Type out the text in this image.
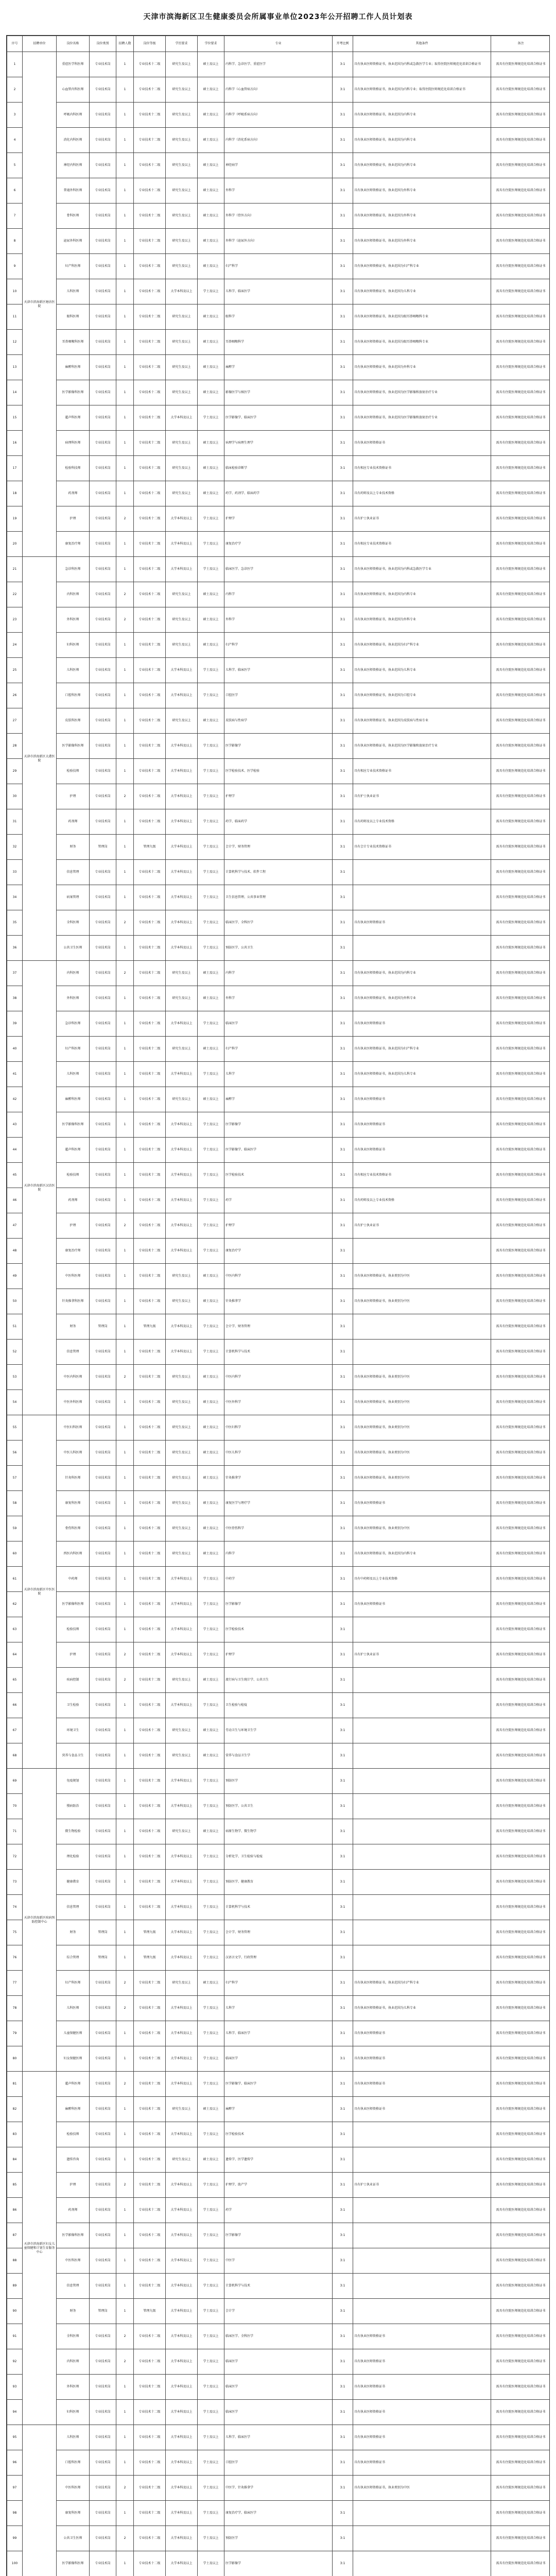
天津市滨海新区卫生健康委员会所属事业单位2023年公开招聘工作人员计划表
序号	招聘单位	岗位名称	岗位类别	招聘人数	岗位等级	学历要求	学位要求	专业	开考比例	其他条件	备注
1	天津市滨海新区塘沽医院	重症医学科医师	专业技术岗	1	专业技术十二级	研究生及以上	硕士及以上	内科学、急诊医学、重症医学	3:1	具有执业医师资格证书，执业范围为内科或急救医学专业；取得住院医师规范化培训合格证书	需具有住院医师规范化培训合格证书
2		心血管内科医师	专业技术岗	1	专业技术十二级	研究生及以上	硕士及以上	内科学（心血管病方向）	3:1	具有执业医师资格证书，执业范围为内科专业；取得住院医师规范化培训合格证书	需具有住院医师规范化培训合格证书
3		呼吸内科医师	专业技术岗	1	专业技术十二级	研究生及以上	硕士及以上	内科学（呼吸系病方向）	3:1	具有执业医师资格证书，执业范围为内科专业	需具有住院医师规范化培训合格证书
4		消化内科医师	专业技术岗	1	专业技术十二级	研究生及以上	硕士及以上	内科学（消化系病方向）	3:1	具有执业医师资格证书，执业范围为内科专业	需具有住院医师规范化培训合格证书
5		神经内科医师	专业技术岗	1	专业技术十二级	研究生及以上	硕士及以上	神经病学	3:1	具有执业医师资格证书，执业范围为内科专业	需具有住院医师规范化培训合格证书
6		普通外科医师	专业技术岗	1	专业技术十二级	研究生及以上	硕士及以上	外科学	3:1	具有执业医师资格证书，执业范围为外科专业	需具有住院医师规范化培训合格证书
7		骨科医师	专业技术岗	1	专业技术十二级	研究生及以上	硕士及以上	外科学（骨外方向）	3:1	具有执业医师资格证书，执业范围为外科专业	需具有住院医师规范化培训合格证书
8		泌尿外科医师	专业技术岗	1	专业技术十二级	研究生及以上	硕士及以上	外科学（泌尿外方向）	3:1	具有执业医师资格证书，执业范围为外科专业	需具有住院医师规范化培训合格证书
9		妇产科医师	专业技术岗	1	专业技术十二级	研究生及以上	硕士及以上	妇产科学	3:1	具有执业医师资格证书，执业范围为妇产科专业	需具有住院医师规范化培训合格证书
10		儿科医师	专业技术岗	1	专业技术十二级	大学本科及以上	学士及以上	儿科学、临床医学	3:1	具有执业医师资格证书，执业范围为儿科专业	需具有住院医师规范化培训合格证书
11		眼科医师	专业技术岗	1	专业技术十二级	研究生及以上	硕士及以上	眼科学	3:1	具有执业医师资格证书，执业范围为眼耳鼻咽喉科专业	需具有住院医师规范化培训合格证书
12		耳鼻咽喉科医师	专业技术岗	1	专业技术十二级	研究生及以上	硕士及以上	耳鼻咽喉科学	3:1	具有执业医师资格证书，执业范围为眼耳鼻咽喉科专业	需具有住院医师规范化培训合格证书
13		麻醉科医师	专业技术岗	1	专业技术十二级	研究生及以上	硕士及以上	麻醉学	3:1	具有执业医师资格证书，执业范围为外科专业	需具有住院医师规范化培训合格证书
14		医学影像科医师	专业技术岗	1	专业技术十二级	研究生及以上	硕士及以上	影像医学与核医学	3:1	具有执业医师资格证书，执业范围为医学影像和放射治疗专业	需具有住院医师规范化培训合格证书
15		超声科医师	专业技术岗	1	专业技术十二级	大学本科及以上	学士及以上	医学影像学、临床医学	3:1	具有执业医师资格证书，执业范围为医学影像和放射治疗专业	需具有住院医师规范化培训合格证书
16		病理科医师	专业技术岗	1	专业技术十二级	研究生及以上	硕士及以上	病理学与病理生理学	3:1	具有执业医师资格证书	需具有住院医师规范化培训合格证书
17		检验科技师	专业技术岗	1	专业技术十二级	研究生及以上	硕士及以上	临床检验诊断学	3:1	具有相应专业技术资格证书	需具有住院医师规范化培训合格证书
18		药剂师	专业技术岗	1	专业技术十二级	研究生及以上	硕士及以上	药学、药剂学、临床药学	3:1	具有药师及以上专业技术资格	需具有住院医师规范化培训合格证书
19		护理	专业技术岗	2	专业技术十二级	大学本科及以上	学士及以上	护理学	3:1	具有护士执业证书	需具有住院医师规范化培训合格证书
20		康复治疗师	专业技术岗	1	专业技术十二级	大学本科及以上	学士及以上	康复治疗学	3:1	具有相应专业技术资格证书	需具有住院医师规范化培训合格证书
21	天津市滨海新区大港医院	急诊科医师	专业技术岗	1	专业技术十二级	大学本科及以上	学士及以上	临床医学、急诊医学	3:1	具有执业医师资格证书，执业范围为内科或急救医学专业	需具有住院医师规范化培训合格证书
22		内科医师	专业技术岗	2	专业技术十二级	研究生及以上	硕士及以上	内科学	3:1	具有执业医师资格证书，执业范围为内科专业	需具有住院医师规范化培训合格证书
23		外科医师	专业技术岗	2	专业技术十二级	研究生及以上	硕士及以上	外科学	3:1	具有执业医师资格证书，执业范围为外科专业	需具有住院医师规范化培训合格证书
24		妇科医师	专业技术岗	1	专业技术十二级	研究生及以上	硕士及以上	妇产科学	3:1	具有执业医师资格证书，执业范围为妇产科专业	需具有住院医师规范化培训合格证书
25		儿科医师	专业技术岗	1	专业技术十二级	大学本科及以上	学士及以上	儿科学、临床医学	3:1	具有执业医师资格证书，执业范围为儿科专业	需具有住院医师规范化培训合格证书
26		口腔科医师	专业技术岗	1	专业技术十二级	大学本科及以上	学士及以上	口腔医学	3:1	具有执业医师资格证书，执业范围为口腔专业	需具有住院医师规范化培训合格证书
27		皮肤科医师	专业技术岗	1	专业技术十二级	研究生及以上	硕士及以上	皮肤病与性病学	3:1	具有执业医师资格证书，执业范围为皮肤病与性病专业	需具有住院医师规范化培训合格证书
28		医学影像科医师	专业技术岗	1	专业技术十二级	大学本科及以上	学士及以上	医学影像学	3:1	具有执业医师资格证书，执业范围为医学影像和放射治疗专业	需具有住院医师规范化培训合格证书
29		检验技师	专业技术岗	1	专业技术十二级	大学本科及以上	学士及以上	医学检验技术、医学检验	3:1	具有相应专业技术资格证书	需具有住院医师规范化培训合格证书
30		护理	专业技术岗	2	专业技术十二级	大学本科及以上	学士及以上	护理学	3:1	具有护士执业证书	需具有住院医师规范化培训合格证书
31		药剂师	专业技术岗	1	专业技术十二级	大学本科及以上	学士及以上	药学、临床药学	3:1	具有药师及以上专业技术资格	需具有住院医师规范化培训合格证书
32		财务	管理岗	1	管理九级	大学本科及以上	学士及以上	会计学、财务管理	3:1	具有会计专业技术资格证书	需具有住院医师规范化培训合格证书
33		信息管理	专业技术岗	1	专业技术十二级	大学本科及以上	学士及以上	计算机科学与技术、软件工程	3:1		需具有住院医师规范化培训合格证书
34		病案管理	专业技术岗	1	专业技术十二级	大学本科及以上	学士及以上	卫生信息管理、公共事业管理	3:1		需具有住院医师规范化培训合格证书
35		全科医师	专业技术岗	2	专业技术十二级	大学本科及以上	学士及以上	临床医学、全科医学	3:1	具有执业医师资格证书	需具有住院医师规范化培训合格证书
36		公共卫生医师	专业技术岗	1	专业技术十二级	大学本科及以上	学士及以上	预防医学、公共卫生	3:1		需具有住院医师规范化培训合格证书
37	天津市滨海新区汉沽医院	内科医师	专业技术岗	2	专业技术十二级	研究生及以上	硕士及以上	内科学	3:1	具有执业医师资格证书，执业范围为内科专业	需具有住院医师规范化培训合格证书
38		外科医师	专业技术岗	1	专业技术十二级	研究生及以上	硕士及以上	外科学	3:1	具有执业医师资格证书，执业范围为外科专业	需具有住院医师规范化培训合格证书
39		急诊科医师	专业技术岗	1	专业技术十二级	大学本科及以上	学士及以上	临床医学	3:1	具有执业医师资格证书	需具有住院医师规范化培训合格证书
40		妇产科医师	专业技术岗	1	专业技术十二级	研究生及以上	硕士及以上	妇产科学	3:1	具有执业医师资格证书，执业范围为妇产科专业	需具有住院医师规范化培训合格证书
41		儿科医师	专业技术岗	1	专业技术十二级	大学本科及以上	学士及以上	儿科学	3:1	具有执业医师资格证书，执业范围为儿科专业	需具有住院医师规范化培训合格证书
42		麻醉科医师	专业技术岗	1	专业技术十二级	研究生及以上	硕士及以上	麻醉学	3:1	具有执业医师资格证书	需具有住院医师规范化培训合格证书
43		医学影像科医师	专业技术岗	1	专业技术十二级	大学本科及以上	学士及以上	医学影像学	3:1	具有执业医师资格证书	需具有住院医师规范化培训合格证书
44		超声科医师	专业技术岗	1	专业技术十二级	大学本科及以上	学士及以上	医学影像学、临床医学	3:1	具有执业医师资格证书	需具有住院医师规范化培训合格证书
45		检验技师	专业技术岗	1	专业技术十二级	大学本科及以上	学士及以上	医学检验技术	3:1	具有相应专业技术资格证书	需具有住院医师规范化培训合格证书
46		药剂师	专业技术岗	1	专业技术十二级	大学本科及以上	学士及以上	药学	3:1	具有药师及以上专业技术资格	需具有住院医师规范化培训合格证书
47		护理	专业技术岗	2	专业技术十二级	大学本科及以上	学士及以上	护理学	3:1	具有护士执业证书	需具有住院医师规范化培训合格证书
48		康复治疗师	专业技术岗	1	专业技术十二级	大学本科及以上	学士及以上	康复治疗学	3:1		需具有住院医师规范化培训合格证书
49		中医科医师	专业技术岗	1	专业技术十二级	研究生及以上	硕士及以上	中医内科学	3:1	具有执业医师资格证书，执业类别为中医	需具有住院医师规范化培训合格证书
50		针灸推拿科医师	专业技术岗	1	专业技术十二级	研究生及以上	硕士及以上	针灸推拿学	3:1	具有执业医师资格证书，执业类别为中医	需具有住院医师规范化培训合格证书
51		财务	管理岗	1	管理九级	大学本科及以上	学士及以上	会计学、财务管理	3:1		需具有住院医师规范化培训合格证书
52		信息管理	专业技术岗	1	专业技术十二级	大学本科及以上	学士及以上	计算机科学与技术	3:1		需具有住院医师规范化培训合格证书
53		中医内科医师	专业技术岗	2	专业技术十二级	研究生及以上	硕士及以上	中医内科学	3:1	具有执业医师资格证书，执业类别为中医	需具有住院医师规范化培训合格证书
54		中医外科医师	专业技术岗	1	专业技术十二级	研究生及以上	硕士及以上	中医外科学	3:1	具有执业医师资格证书，执业类别为中医	需具有住院医师规范化培训合格证书
55	天津市滨海新区中医医院	中医妇科医师	专业技术岗	1	专业技术十二级	研究生及以上	硕士及以上	中医妇科学	3:1	具有执业医师资格证书，执业类别为中医	需具有住院医师规范化培训合格证书
56		中医儿科医师	专业技术岗	1	专业技术十二级	研究生及以上	硕士及以上	中医儿科学	3:1	具有执业医师资格证书，执业类别为中医	需具有住院医师规范化培训合格证书
57		针灸科医师	专业技术岗	1	专业技术十二级	研究生及以上	硕士及以上	针灸推拿学	3:1	具有执业医师资格证书，执业类别为中医	需具有住院医师规范化培训合格证书
58		康复科医师	专业技术岗	1	专业技术十二级	研究生及以上	硕士及以上	康复医学与理疗学	3:1	具有执业医师资格证书	需具有住院医师规范化培训合格证书
59		骨伤科医师	专业技术岗	1	专业技术十二级	研究生及以上	硕士及以上	中医骨伤科学	3:1	具有执业医师资格证书，执业类别为中医	需具有住院医师规范化培训合格证书
60		西医内科医师	专业技术岗	1	专业技术十二级	研究生及以上	硕士及以上	内科学	3:1	具有执业医师资格证书，执业范围为内科专业	需具有住院医师规范化培训合格证书
61		中药师	专业技术岗	1	专业技术十二级	大学本科及以上	学士及以上	中药学	3:1	具有中药师及以上专业技术资格	需具有住院医师规范化培训合格证书
62		医学影像科医师	专业技术岗	1	专业技术十二级	大学本科及以上	学士及以上	医学影像学	3:1	具有执业医师资格证书	需具有住院医师规范化培训合格证书
63		检验技师	专业技术岗	1	专业技术十二级	大学本科及以上	学士及以上	医学检验技术	3:1		需具有住院医师规范化培训合格证书
64		护理	专业技术岗	2	专业技术十二级	大学本科及以上	学士及以上	护理学	3:1	具有护士执业证书	需具有住院医师规范化培训合格证书
65		疾病控制	专业技术岗	2	专业技术十二级	研究生及以上	硕士及以上	流行病与卫生统计学、公共卫生	3:1		需具有住院医师规范化培训合格证书
66		卫生检验	专业技术岗	1	专业技术十二级	大学本科及以上	学士及以上	卫生检验与检疫	3:1		需具有住院医师规范化培训合格证书
67		环境卫生	专业技术岗	1	专业技术十二级	研究生及以上	硕士及以上	劳动卫生与环境卫生学	3:1		需具有住院医师规范化培训合格证书
68		营养与食品卫生	专业技术岗	1	专业技术十二级	研究生及以上	硕士及以上	营养与食品卫生学	3:1		需具有住院医师规范化培训合格证书
69	天津市滨海新区疾病预防控制中心	免疫规划	专业技术岗	1	专业技术十二级	大学本科及以上	学士及以上	预防医学	3:1		需具有住院医师规范化培训合格证书
70		慢病防治	专业技术岗	1	专业技术十二级	大学本科及以上	学士及以上	预防医学、公共卫生	3:1		需具有住院医师规范化培训合格证书
71		微生物检验	专业技术岗	1	专业技术十二级	研究生及以上	硕士及以上	病原生物学、微生物学	3:1		需具有住院医师规范化培训合格证书
72		理化检验	专业技术岗	1	专业技术十二级	大学本科及以上	学士及以上	分析化学、卫生检验与检疫	3:1		需具有住院医师规范化培训合格证书
73		健康教育	专业技术岗	1	专业技术十二级	大学本科及以上	学士及以上	预防医学、健康教育	3:1		需具有住院医师规范化培训合格证书
74		信息管理	专业技术岗	1	专业技术十二级	大学本科及以上	学士及以上	计算机科学与技术	3:1		需具有住院医师规范化培训合格证书
75		财务	管理岗	1	管理九级	大学本科及以上	学士及以上	会计学、财务管理	3:1		需具有住院医师规范化培训合格证书
76		综合管理	管理岗	1	管理九级	大学本科及以上	学士及以上	汉语言文学、行政管理	3:1		需具有住院医师规范化培训合格证书
77		妇产科医师	专业技术岗	2	专业技术十二级	研究生及以上	硕士及以上	妇产科学	3:1	具有执业医师资格证书，执业范围为妇产科专业	需具有住院医师规范化培训合格证书
78		儿科医师	专业技术岗	2	专业技术十二级	大学本科及以上	学士及以上	儿科学	3:1	具有执业医师资格证书，执业范围为儿科专业	需具有住院医师规范化培训合格证书
79		儿童保健医师	专业技术岗	1	专业技术十二级	大学本科及以上	学士及以上	儿科学、临床医学	3:1	具有执业医师资格证书	需具有住院医师规范化培训合格证书
80		妇女保健医师	专业技术岗	1	专业技术十二级	大学本科及以上	学士及以上	临床医学	3:1	具有执业医师资格证书	需具有住院医师规范化培训合格证书
81	天津市滨海新区妇女儿童保健和计划生育服务中心	超声科医师	专业技术岗	2	专业技术十二级	大学本科及以上	学士及以上	医学影像学、临床医学	3:1	具有执业医师资格证书	需具有住院医师规范化培训合格证书
82		麻醉科医师	专业技术岗	1	专业技术十二级	研究生及以上	硕士及以上	麻醉学	3:1	具有执业医师资格证书	需具有住院医师规范化培训合格证书
83		检验技师	专业技术岗	1	专业技术十二级	大学本科及以上	学士及以上	医学检验技术	3:1		需具有住院医师规范化培训合格证书
84		遗传咨询	专业技术岗	1	专业技术十二级	研究生及以上	硕士及以上	遗传学、医学遗传学	3:1		需具有住院医师规范化培训合格证书
85		护理	专业技术岗	2	专业技术十二级	大学本科及以上	学士及以上	护理学、助产学	3:1	具有护士执业证书	需具有住院医师规范化培训合格证书
86		药剂师	专业技术岗	1	专业技术十二级	大学本科及以上	学士及以上	药学	3:1		需具有住院医师规范化培训合格证书
87		医学影像科医师	专业技术岗	1	专业技术十二级	大学本科及以上	学士及以上	医学影像学	3:1		需具有住院医师规范化培训合格证书
88		中医科医师	专业技术岗	1	专业技术十二级	大学本科及以上	学士及以上	中医学	3:1		需具有住院医师规范化培训合格证书
89		信息管理	专业技术岗	1	专业技术十二级	大学本科及以上	学士及以上	计算机科学与技术	3:1		需具有住院医师规范化培训合格证书
90		财务	管理岗	1	管理九级	大学本科及以上	学士及以上	会计学	3:1		需具有住院医师规范化培训合格证书
91		全科医师	专业技术岗	2	专业技术十二级	大学本科及以上	学士及以上	临床医学、全科医学	3:1	具有执业医师资格证书	需具有住院医师规范化培训合格证书
92		内科医师	专业技术岗	2	专业技术十二级	大学本科及以上	学士及以上	临床医学	3:1	具有执业医师资格证书	需具有住院医师规范化培训合格证书
93		外科医师	专业技术岗	1	专业技术十二级	大学本科及以上	学士及以上	临床医学	3:1	具有执业医师资格证书	需具有住院医师规范化培训合格证书
94		妇科医师	专业技术岗	1	专业技术十二级	大学本科及以上	学士及以上	临床医学	3:1	具有执业医师资格证书	需具有住院医师规范化培训合格证书
95		儿科医师	专业技术岗	1	专业技术十二级	大学本科及以上	学士及以上	儿科学、临床医学	3:1	具有执业医师资格证书	需具有住院医师规范化培训合格证书
96		口腔科医师	专业技术岗	1	专业技术十二级	大学本科及以上	学士及以上	口腔医学	3:1	具有执业医师资格证书	需具有住院医师规范化培训合格证书
97		中医科医师	专业技术岗	2	专业技术十二级	大学本科及以上	学士及以上	中医学、针灸推拿学	3:1	具有执业医师资格证书，执业类别为中医	需具有住院医师规范化培训合格证书
98		康复科医师	专业技术岗	1	专业技术十二级	大学本科及以上	学士及以上	康复治疗学、临床医学	3:1		需具有住院医师规范化培训合格证书
99		公共卫生医师	专业技术岗	2	专业技术十二级	大学本科及以上	学士及以上	预防医学	3:1		需具有住院医师规范化培训合格证书
100		医学影像科医师	专业技术岗	1	专业技术十二级	大学本科及以上	学士及以上	医学影像学	3:1		需具有住院医师规范化培训合格证书
